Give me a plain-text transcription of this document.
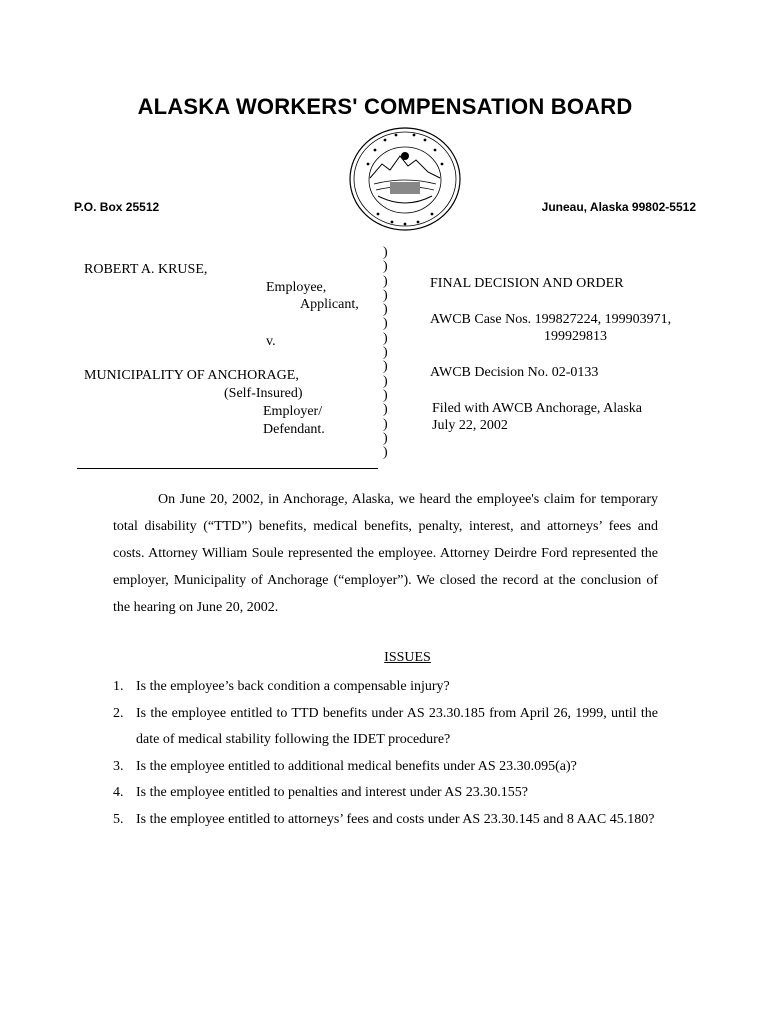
ALASKA WORKERS' COMPENSATION BOARD
P.O. Box 25512	Juneau, Alaska 99802-5512
ROBERT A. KRUSE,
Employee,
Applicant,
v.
MUNICIPALITY OF ANCHORAGE,
(Self-Insured)
Employer/
Defendant.
)
)
)
)
)
)
)
)
)
)
)
)
)
)
)
FINAL DECISION AND ORDER
AWCB Case Nos. 199827224, 199903971,
199929813
AWCB Decision No. 02-0133
Filed with AWCB Anchorage, Alaska
July 22, 2002

On June 20, 2002, in Anchorage, Alaska, we heard the employee's claim for temporary total disability (“TTD”) benefits, medical benefits, penalty, interest, and attorneys’ fees and costs. Attorney William Soule represented the employee. Attorney Deirdre Ford represented the employer, Municipality of Anchorage (“employer”). We closed the record at the conclusion of the hearing on June 20, 2002.

ISSUES
1. Is the employee’s back condition a compensable injury?
2. Is the employee entitled to TTD benefits under AS 23.30.185 from April 26, 1999, until the date of medical stability following the IDET procedure?
3. Is the employee entitled to additional medical benefits under AS 23.30.095(a)?
4. Is the employee entitled to penalties and interest under AS 23.30.155?
5. Is the employee entitled to attorneys’ fees and costs under AS 23.30.145 and 8 AAC 45.180?
